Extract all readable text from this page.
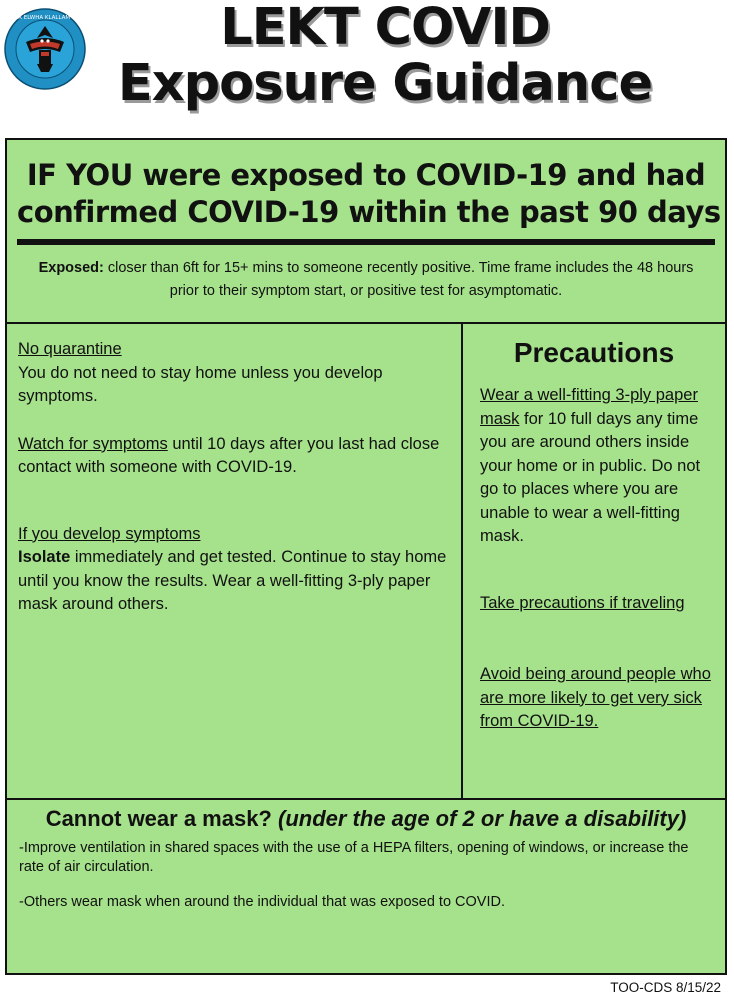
LOWER ELWHA KLALLAM TRIBE	LEKT COVID
Exposure Guidance
IF YOU were exposed to COVID-19 and had
confirmed COVID-19 within the past 90 days
Exposed: closer than 6ft for 15+ mins to someone recently positive. Time frame includes the 48 hours prior to their symptom start, or positive test for asymptomatic.

No quarantine

You do not need to stay home unless you develop symptoms.

Watch for symptoms until 10 days after you last had close contact with someone with COVID-19.

If you develop symptoms

Isolate immediately and get tested. Continue to stay home until you know the results. Wear a well-fitting 3-ply paper mask around others.

Precautions

Wear a well-fitting 3-ply paper mask for 10 full days any time you are around others inside your home or in public. Do not go to places where you are unable to wear a well-fitting mask.

Take precautions if traveling

Avoid being around people who are more likely to get very sick from COVID-19.

Cannot wear a mask? (under the age of 2 or have a disability)

-Improve ventilation in shared spaces with the use of a HEPA filters, opening of windows, or increase the rate of air circulation.

-Others wear mask when around the individual that was exposed to COVID.

TOO-CDS 8/15/22
